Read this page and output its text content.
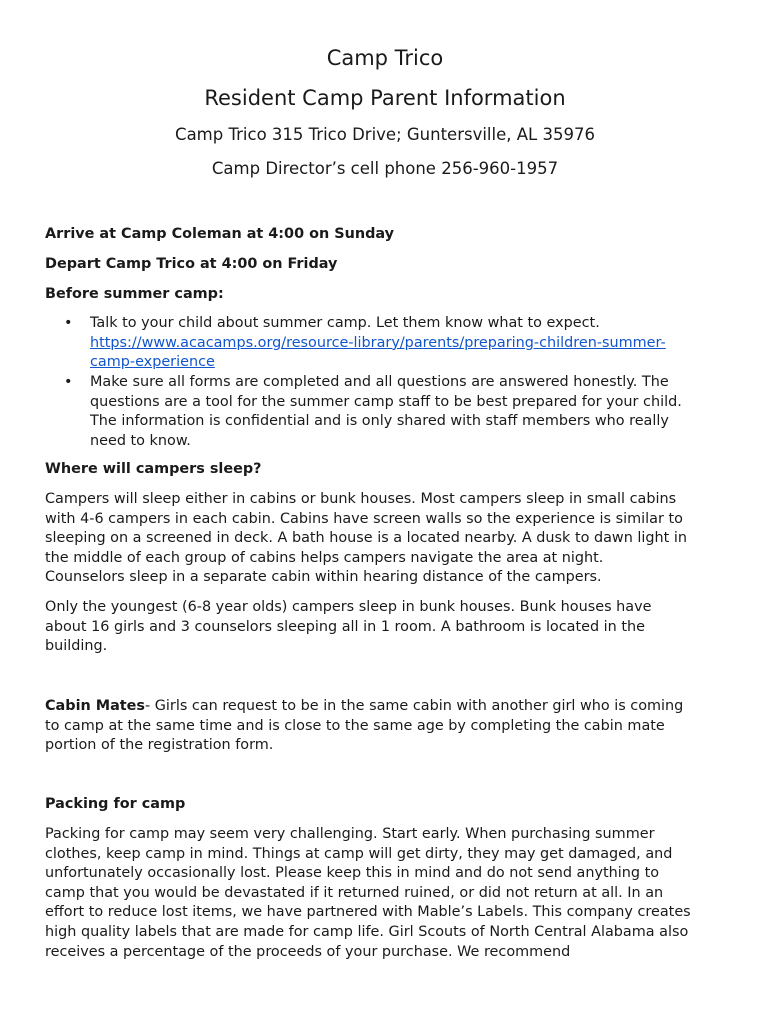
Camp Trico
Resident Camp Parent Information
Camp Trico 315 Trico Drive; Guntersville, AL 35976
Camp Director’s cell phone 256-960-1957
Arrive at Camp Coleman at 4:00 on Sunday
Depart Camp Trico at 4:00 on Friday
Before summer camp:
• Talk to your child about summer camp. Let them know what to expect.
https://www.acacamps.org/resource-library/parents/preparing-children-summer-
camp-experience
• Make sure all forms are completed and all questions are answered honestly. The
questions are a tool for the summer camp staff to be best prepared for your child.
The information is confidential and is only shared with staff members who really
need to know.
Where will campers sleep?
Campers will sleep either in cabins or bunk houses. Most campers sleep in small cabins
with 4-6 campers in each cabin. Cabins have screen walls so the experience is similar to
sleeping on a screened in deck. A bath house is a located nearby. A dusk to dawn light in
the middle of each group of cabins helps campers navigate the area at night.
Counselors sleep in a separate cabin within hearing distance of the campers.
Only the youngest (6-8 year olds) campers sleep in bunk houses. Bunk houses have
about 16 girls and 3 counselors sleeping all in 1 room. A bathroom is located in the
building.
Cabin Mates- Girls can request to be in the same cabin with another girl who is coming
to camp at the same time and is close to the same age by completing the cabin mate
portion of the registration form.
Packing for camp
Packing for camp may seem very challenging. Start early. When purchasing summer
clothes, keep camp in mind. Things at camp will get dirty, they may get damaged, and
unfortunately occasionally lost. Please keep this in mind and do not send anything to
camp that you would be devastated if it returned ruined, or did not return at all. In an
effort to reduce lost items, we have partnered with Mable’s Labels. This company creates
high quality labels that are made for camp life. Girl Scouts of North Central Alabama also
receives a percentage of the proceeds of your purchase. We recommend
